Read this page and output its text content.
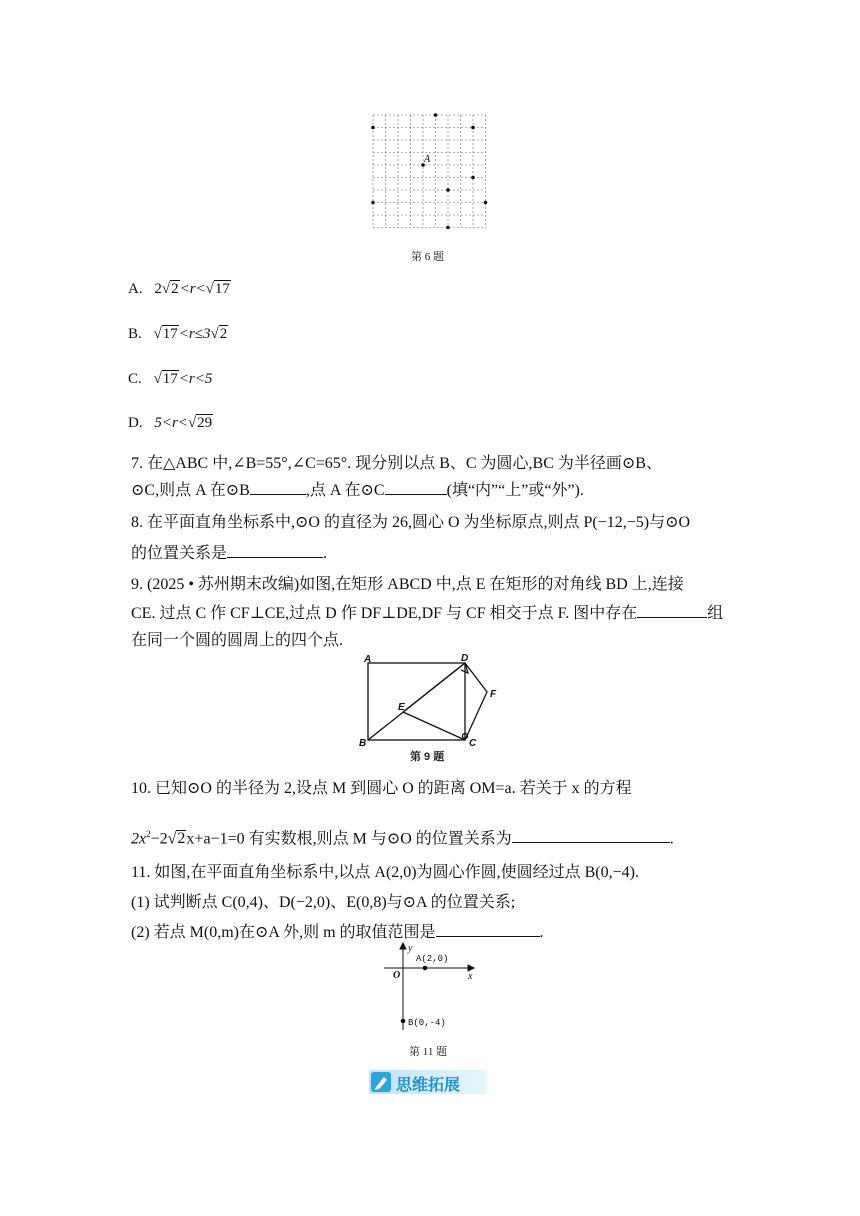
A
第 6 题
A. 2√2<r<√17
B. √17<r≤3√2
C. √17<r<5
D. 5<r<√29
7. 在△ABC 中,∠B=55°,∠C=65°. 现分别以点 B、C 为圆心,BC 为半径画⊙B、
⊙C,则点 A 在⊙B	,点 A 在⊙C	(填“内”“上”或“外”).
8. 在平面直角坐标系中,⊙O 的直径为 26,圆心 O 为坐标原点,则点 P(−12,−5)与⊙O
的位置关系是	.
9. (2025 • 苏州期末改编)如图,在矩形 ABCD 中,点 E 在矩形的对角线 BD 上,连接
CE. 过点 C 作 CF⊥CE,过点 D 作 DF⊥DE,DF 与 CF 相交于点 F. 图中存在	组
在同一个圆的圆周上的四个点.
A
B	C
D
E
F
第 9 题
10. 已知⊙O 的半径为 2,设点 M 到圆心 O 的距离 OM=a. 若关于 x 的方程
$2x^2-2√2x+a-1=0$ 有实数根,则点 M 与⊙O 的位置关系为	.
11. 如图,在平面直角坐标系中,以点 A(2,0)为圆心作圆,使圆经过点 B(0,−4).
(1) 试判断点 C(0,4)、D(−2,0)、E(0,8)与⊙A 的位置关系;
(2) 若点 M(0,m)在⊙A 外,则 m 的取值范围是	.
y
x
O
A(2,0)
B(0,-4)
第 11 题
思维拓展
